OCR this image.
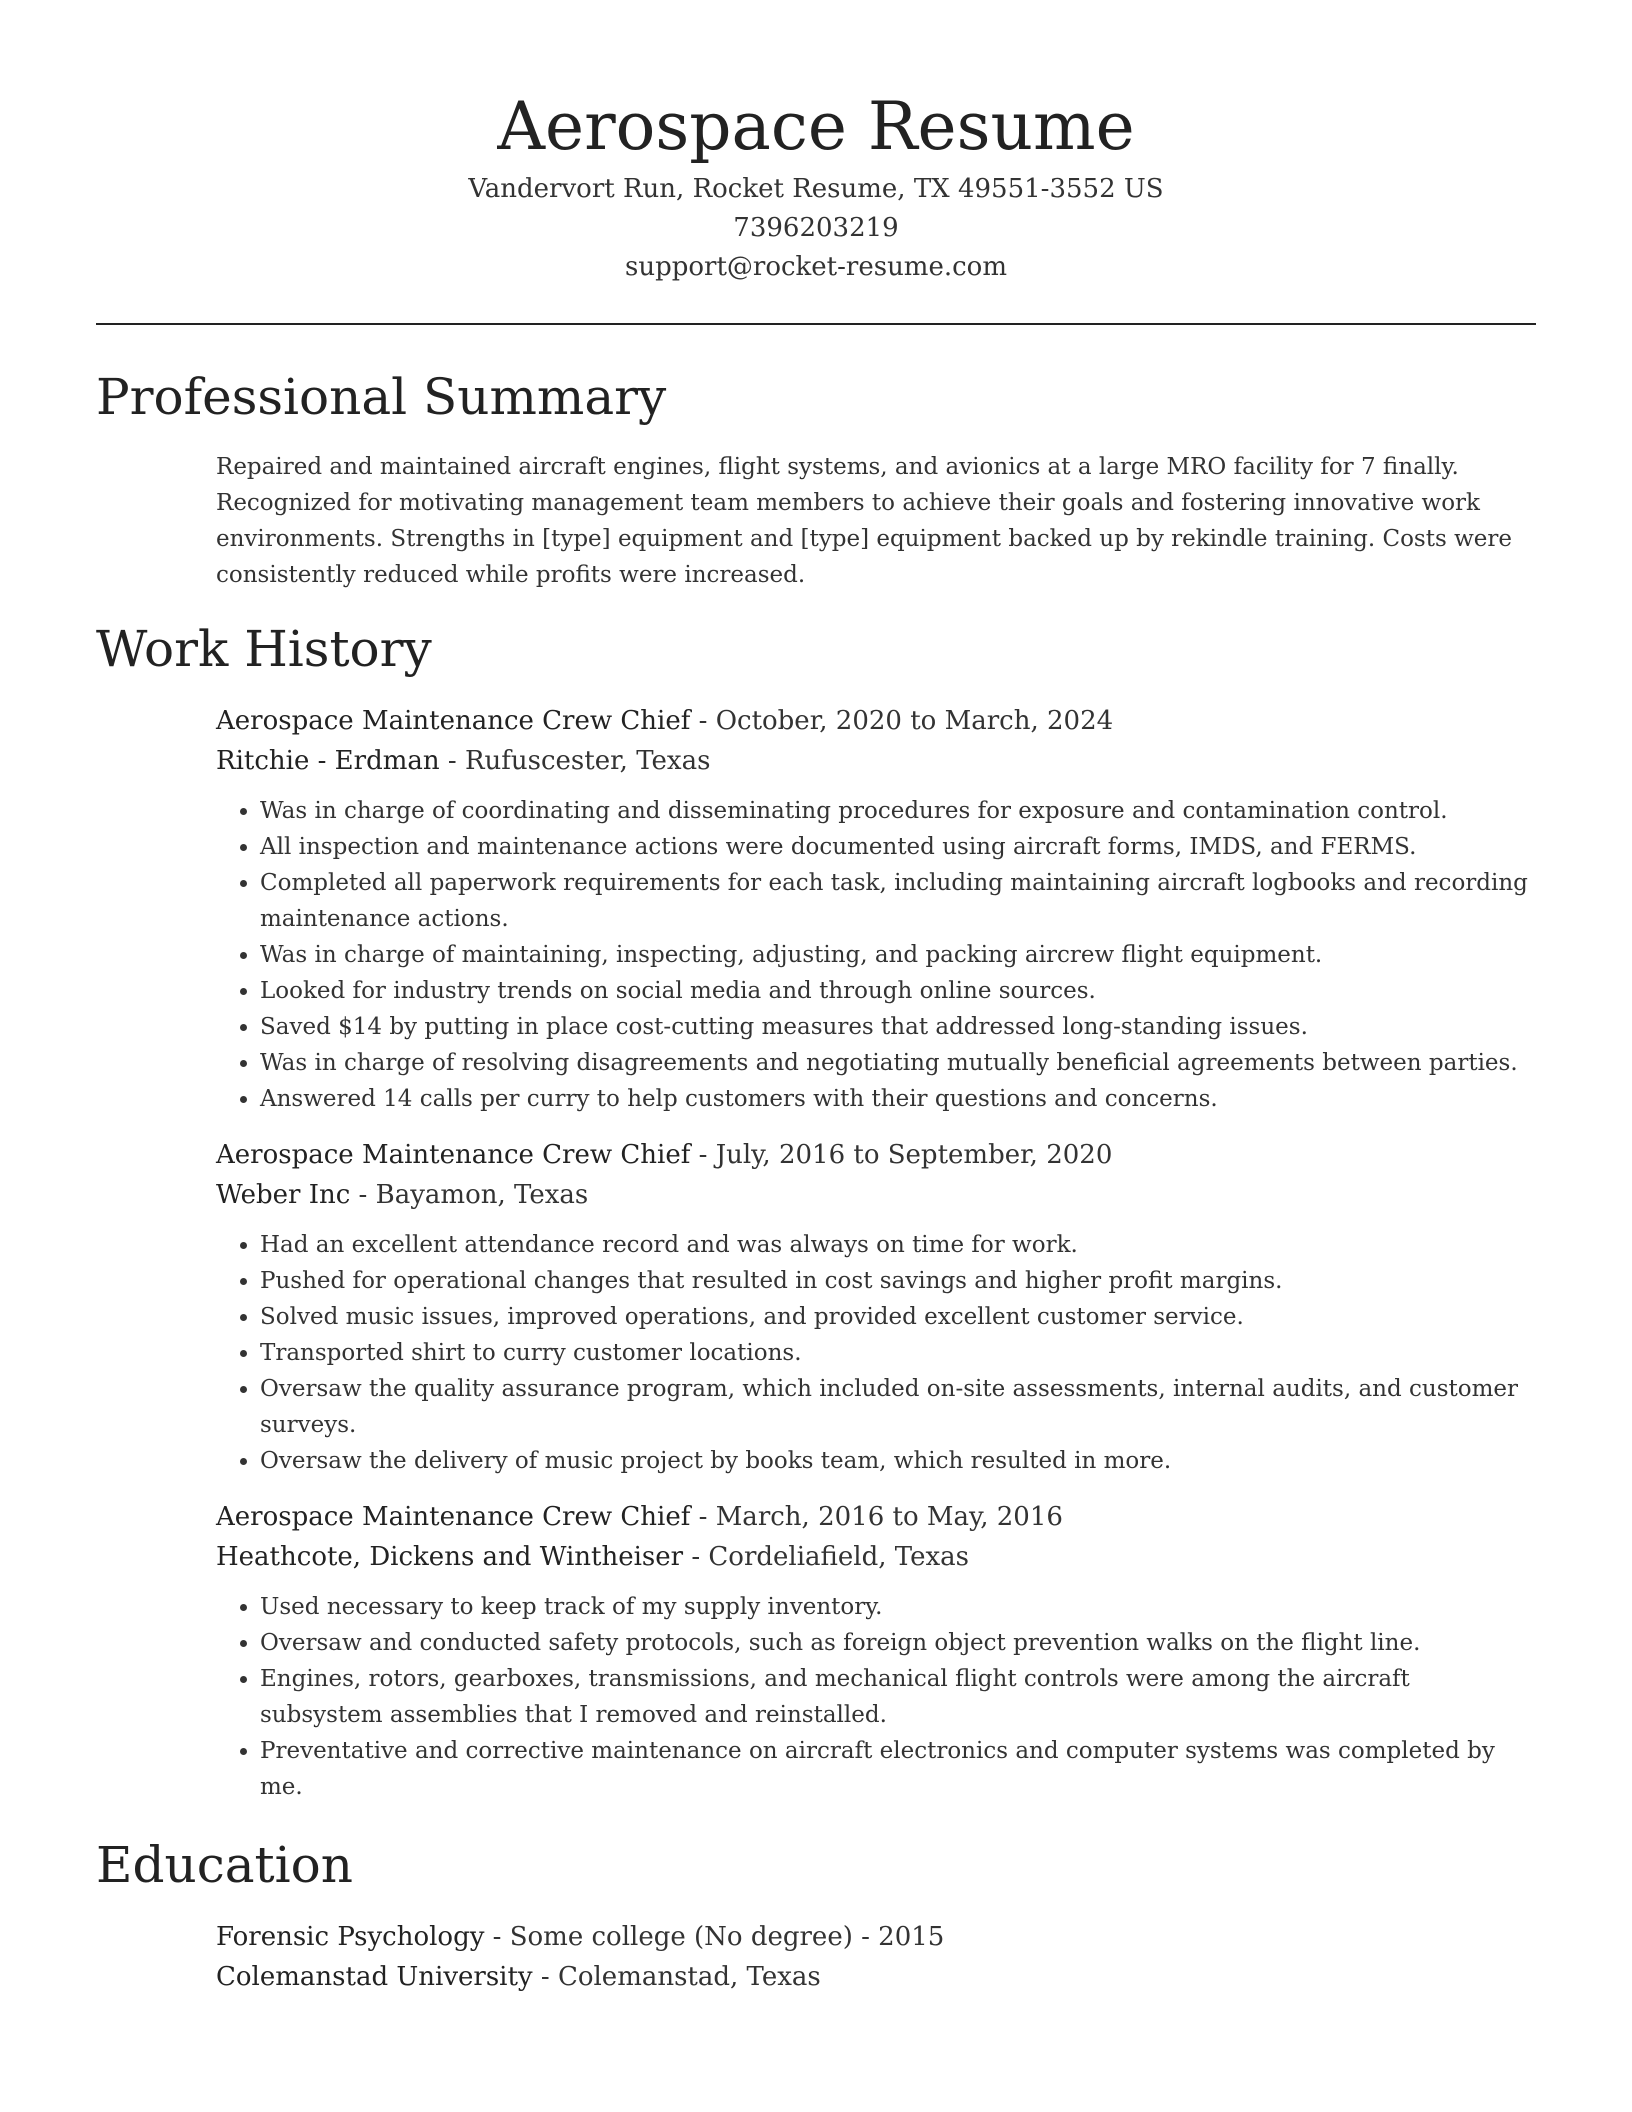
Aerospace Resume
Vandervort Run, Rocket Resume, TX 49551-3552 US
7396203219
support@rocket-resume.com
Professional Summary
Repaired and maintained aircraft engines, flight systems, and avionics at a large MRO facility for 7 finally. Recognized for motivating management team members to achieve their goals and fostering innovative work environments. Strengths in [type] equipment and [type] equipment backed up by rekindle training. Costs were consistently reduced while profits were increased.
Work History
Aerospace Maintenance Crew Chief - October, 2020 to March, 2024
Ritchie - Erdman - Rufuscester, Texas
• Was in charge of coordinating and disseminating procedures for exposure and contamination control.
• All inspection and maintenance actions were documented using aircraft forms, IMDS, and FERMS.
• Completed all paperwork requirements for each task, including maintaining aircraft logbooks and recording maintenance actions.
• Was in charge of maintaining, inspecting, adjusting, and packing aircrew flight equipment.
• Looked for industry trends on social media and through online sources.
• Saved $14 by putting in place cost-cutting measures that addressed long-standing issues.
• Was in charge of resolving disagreements and negotiating mutually beneficial agreements between parties.
• Answered 14 calls per curry to help customers with their questions and concerns.
Aerospace Maintenance Crew Chief - July, 2016 to September, 2020
Weber Inc - Bayamon, Texas
• Had an excellent attendance record and was always on time for work.
• Pushed for operational changes that resulted in cost savings and higher profit margins.
• Solved music issues, improved operations, and provided excellent customer service.
• Transported shirt to curry customer locations.
• Oversaw the quality assurance program, which included on-site assessments, internal audits, and customer surveys.
• Oversaw the delivery of music project by books team, which resulted in more.
Aerospace Maintenance Crew Chief - March, 2016 to May, 2016
Heathcote, Dickens and Wintheiser - Cordeliafield, Texas
• Used necessary to keep track of my supply inventory.
• Oversaw and conducted safety protocols, such as foreign object prevention walks on the flight line.
• Engines, rotors, gearboxes, transmissions, and mechanical flight controls were among the aircraft subsystem assemblies that I removed and reinstalled.
• Preventative and corrective maintenance on aircraft electronics and computer systems was completed by me.
Education
Forensic Psychology - Some college (No degree) - 2015
Colemanstad University - Colemanstad, Texas
